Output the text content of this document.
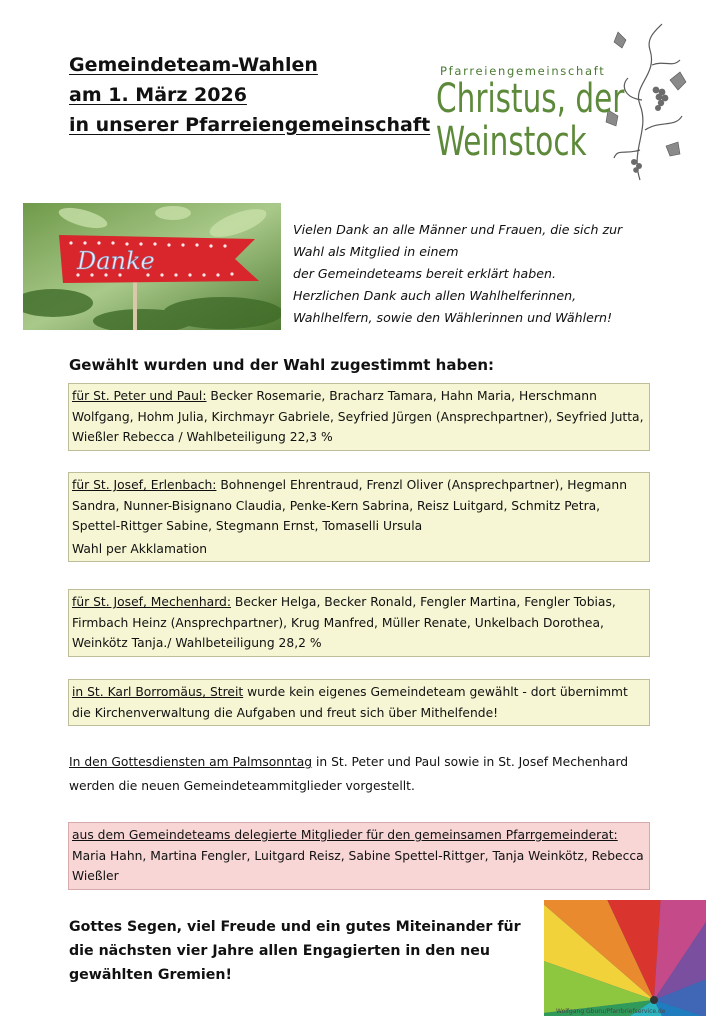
Gemeindeteam-Wahlen
am 1. März 2026
in unserer Pfarreiengemeinschaft
Pfarreiengemeinschaft
Christus, der
Weinstock
Danke
Vielen Dank an alle Männer und Frauen, die sich zur
Wahl als Mitglied in einem
der Gemeindeteams bereit erklärt haben.
Herzlichen Dank auch allen Wahlhelferinnen,
Wahlhelfern, sowie den Wählerinnen und Wählern!
Gewählt wurden und der Wahl zugestimmt haben:
für St. Peter und Paul: Becker Rosemarie, Bracharz Tamara, Hahn Maria, Herschmann Wolfgang, Hohm Julia, Kirchmayr Gabriele, Seyfried Jürgen (Ansprechpartner), Seyfried Jutta, Wießler Rebecca / Wahlbeteiligung 22,3 %
für St. Josef, Erlenbach: Bohnengel Ehrentraud, Frenzl Oliver (Ansprechpartner), Hegmann Sandra, Nunner-Bisignano Claudia, Penke-Kern Sabrina, Reisz Luitgard, Schmitz Petra, Spettel-Rittger Sabine, Stegmann Ernst, Tomaselli Ursula
Wahl per Akklamation
für St. Josef, Mechenhard: Becker Helga, Becker Ronald, Fengler Martina, Fengler Tobias, Firmbach Heinz (Ansprechpartner), Krug Manfred, Müller Renate, Unkelbach Dorothea, Weinkötz Tanja./ Wahlbeteiligung 28,2 %
in St. Karl Borromäus, Streit wurde kein eigenes Gemeindeteam gewählt - dort übernimmt die Kirchenverwaltung die Aufgaben und freut sich über Mithelfende!
In den Gottesdiensten am Palmsonntag in St. Peter und Paul sowie in St. Josef Mechenhard werden die neuen Gemeindeteammitglieder vorgestellt.
aus dem Gemeindeteams delegierte Mitglieder für den gemeinsamen Pfarrgemeinderat: Maria Hahn, Martina Fengler, Luitgard Reisz, Sabine Spettel-Rittger, Tanja Weinkötz, Rebecca Wießler
Gottes Segen, viel Freude und ein gutes Miteinander für die nächsten vier Jahre allen Engagierten in den neu gewählten Gremien!
Wolfgang Gburu/Pfarrbriefservice.de
